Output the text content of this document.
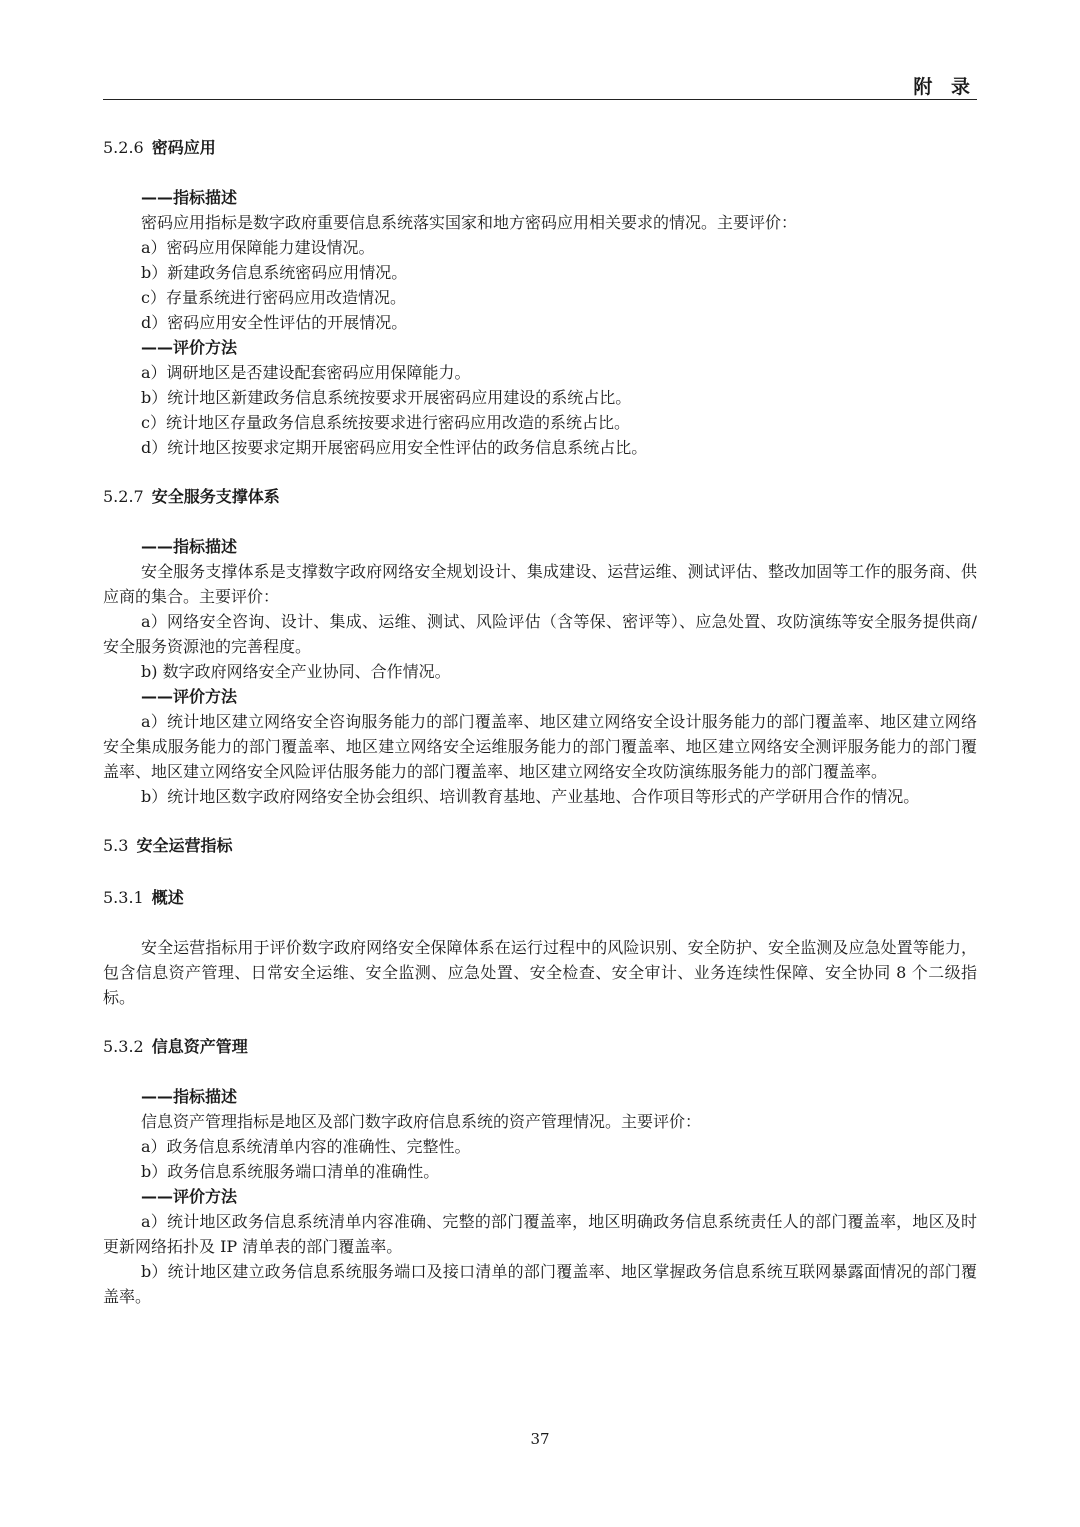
附 录
5.2.6 密码应用

——指标描述

密码应用指标是数字政府重要信息系统落实国家和地方密码应用相关要求的情况。主要评价：

a）密码应用保障能力建设情况。

b）新建政务信息系统密码应用情况。

c）存量系统进行密码应用改造情况。

d）密码应用安全性评估的开展情况。

——评价方法

a）调研地区是否建设配套密码应用保障能力。

b）统计地区新建政务信息系统按要求开展密码应用建设的系统占比。

c）统计地区存量政务信息系统按要求进行密码应用改造的系统占比。

d）统计地区按要求定期开展密码应用安全性评估的政务信息系统占比。

5.2.7 安全服务支撑体系

——指标描述

安全服务支撑体系是支撑数字政府网络安全规划设计、集成建设、运营运维、测试评估、整改加固等工作的服务商、供应商的集合。主要评价：

a）网络安全咨询、设计、集成、运维、测试、风险评估（含等保、密评等）、应急处置、攻防演练等安全服务提供商/安全服务资源池的完善程度。

b) 数字政府网络安全产业协同、合作情况。

——评价方法

a）统计地区建立网络安全咨询服务能力的部门覆盖率、地区建立网络安全设计服务能力的部门覆盖率、地区建立网络安全集成服务能力的部门覆盖率、地区建立网络安全运维服务能力的部门覆盖率、地区建立网络安全测评服务能力的部门覆盖率、地区建立网络安全风险评估服务能力的部门覆盖率、地区建立网络安全攻防演练服务能力的部门覆盖率。

b）统计地区数字政府网络安全协会组织、培训教育基地、产业基地、合作项目等形式的产学研用合作的情况。

5.3 安全运营指标
5.3.1 概述

安全运营指标用于评价数字政府网络安全保障体系在运行过程中的风险识别、安全防护、安全监测及应急处置等能力，包含信息资产管理、日常安全运维、安全监测、应急处置、安全检查、安全审计、业务连续性保障、安全协同 8 个二级指标。

5.3.2 信息资产管理

——指标描述

信息资产管理指标是地区及部门数字政府信息系统的资产管理情况。主要评价：

a）政务信息系统清单内容的准确性、完整性。

b）政务信息系统服务端口清单的准确性。

——评价方法

a）统计地区政务信息系统清单内容准确、完整的部门覆盖率，地区明确政务信息系统责任人的部门覆盖率，地区及时更新网络拓扑及 IP 清单表的部门覆盖率。

b）统计地区建立政务信息系统服务端口及接口清单的部门覆盖率、地区掌握政务信息系统互联网暴露面情况的部门覆盖率。

37
